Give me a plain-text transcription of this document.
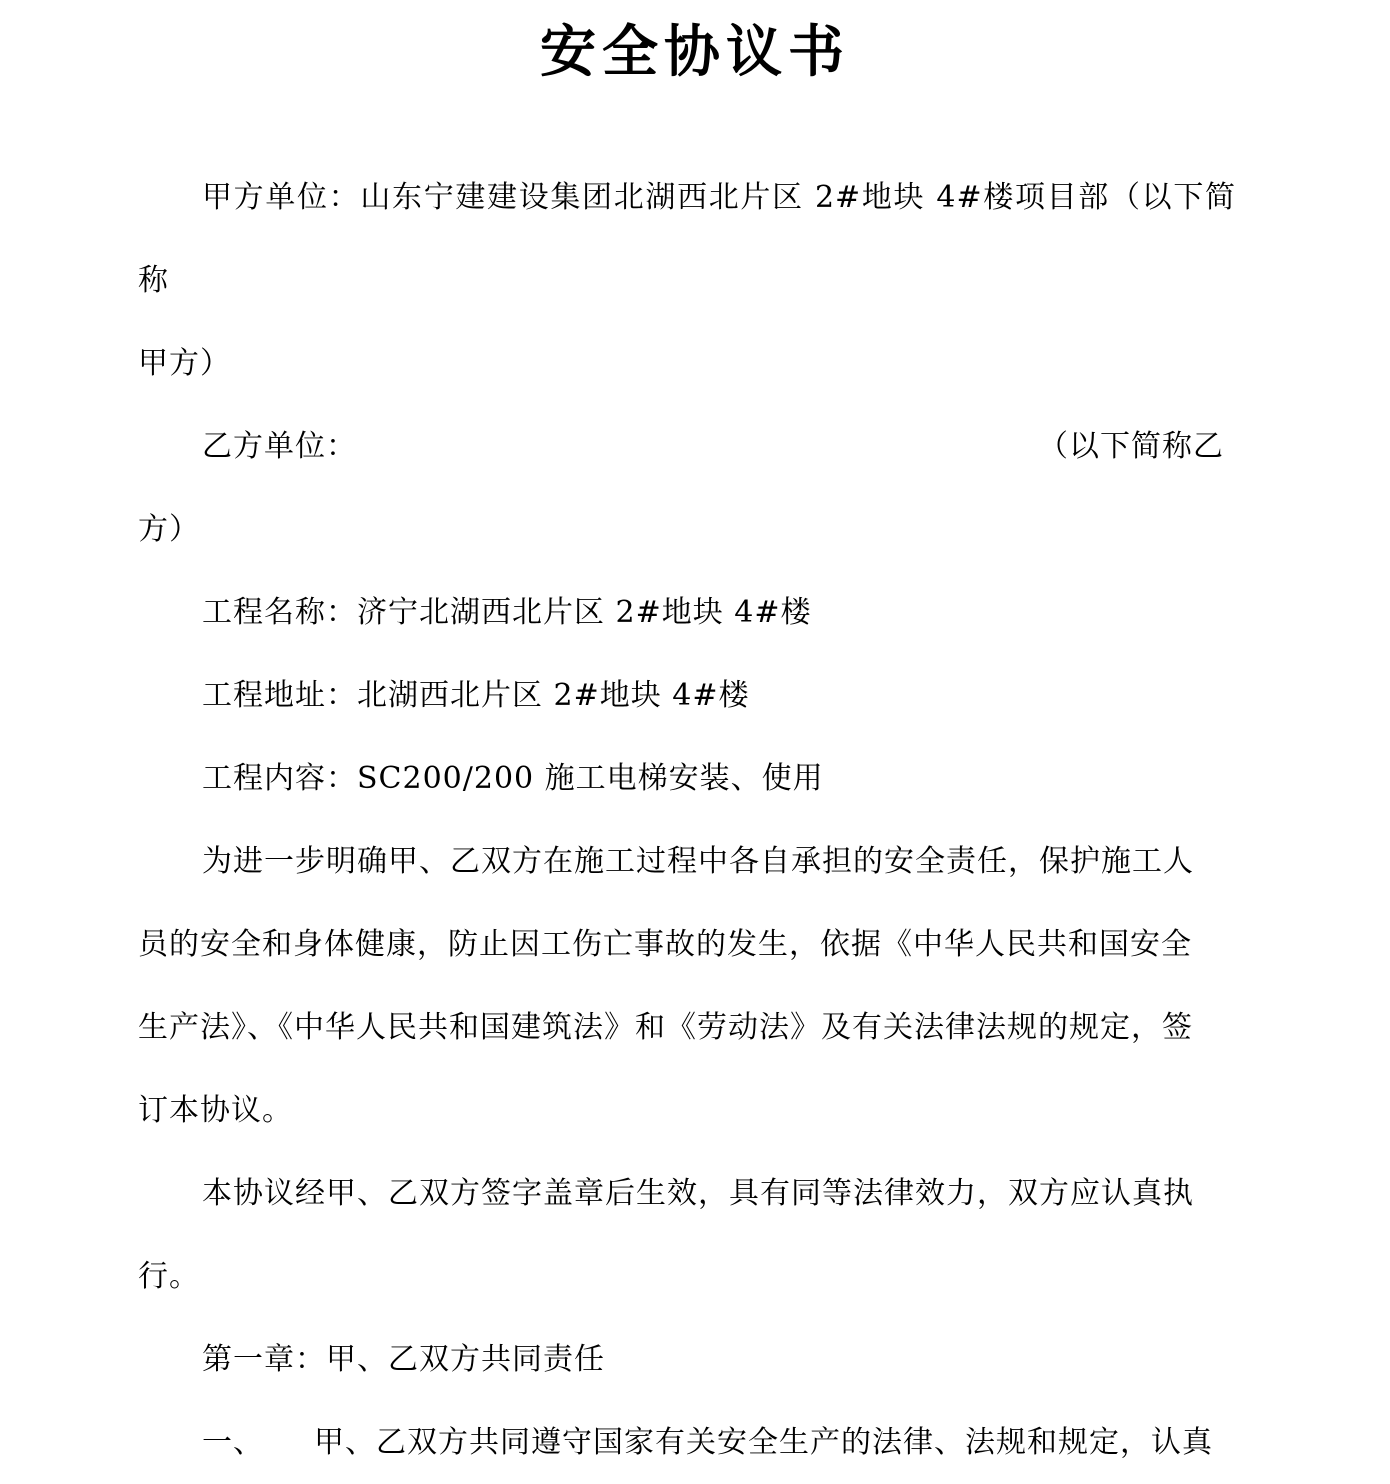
安全协议书

甲方单位：山东宁建建设集团北湖西北片区 2#地块 4#楼项目部（以下简称

甲方）

乙方单位：	（以下简称乙

方）

工程名称：济宁北湖西北片区 2#地块 4#楼

工程地址：北湖西北片区 2#地块 4#楼

工程内容：SC200/200 施工电梯安装、使用

为进一步明确甲、乙双方在施工过程中各自承担的安全责任，保护施工人

员的安全和身体健康，防止因工伤亡事故的发生，依据《中华人民共和国安全

生产法》、《中华人民共和国建筑法》和《劳动法》及有关法律法规的规定，签

订本协议。

本协议经甲、乙双方签字盖章后生效，具有同等法律效力，双方应认真执

行。

第一章：甲、乙双方共同责任

一、 甲、乙双方共同遵守国家有关安全生产的法律、法规和规定，认真
